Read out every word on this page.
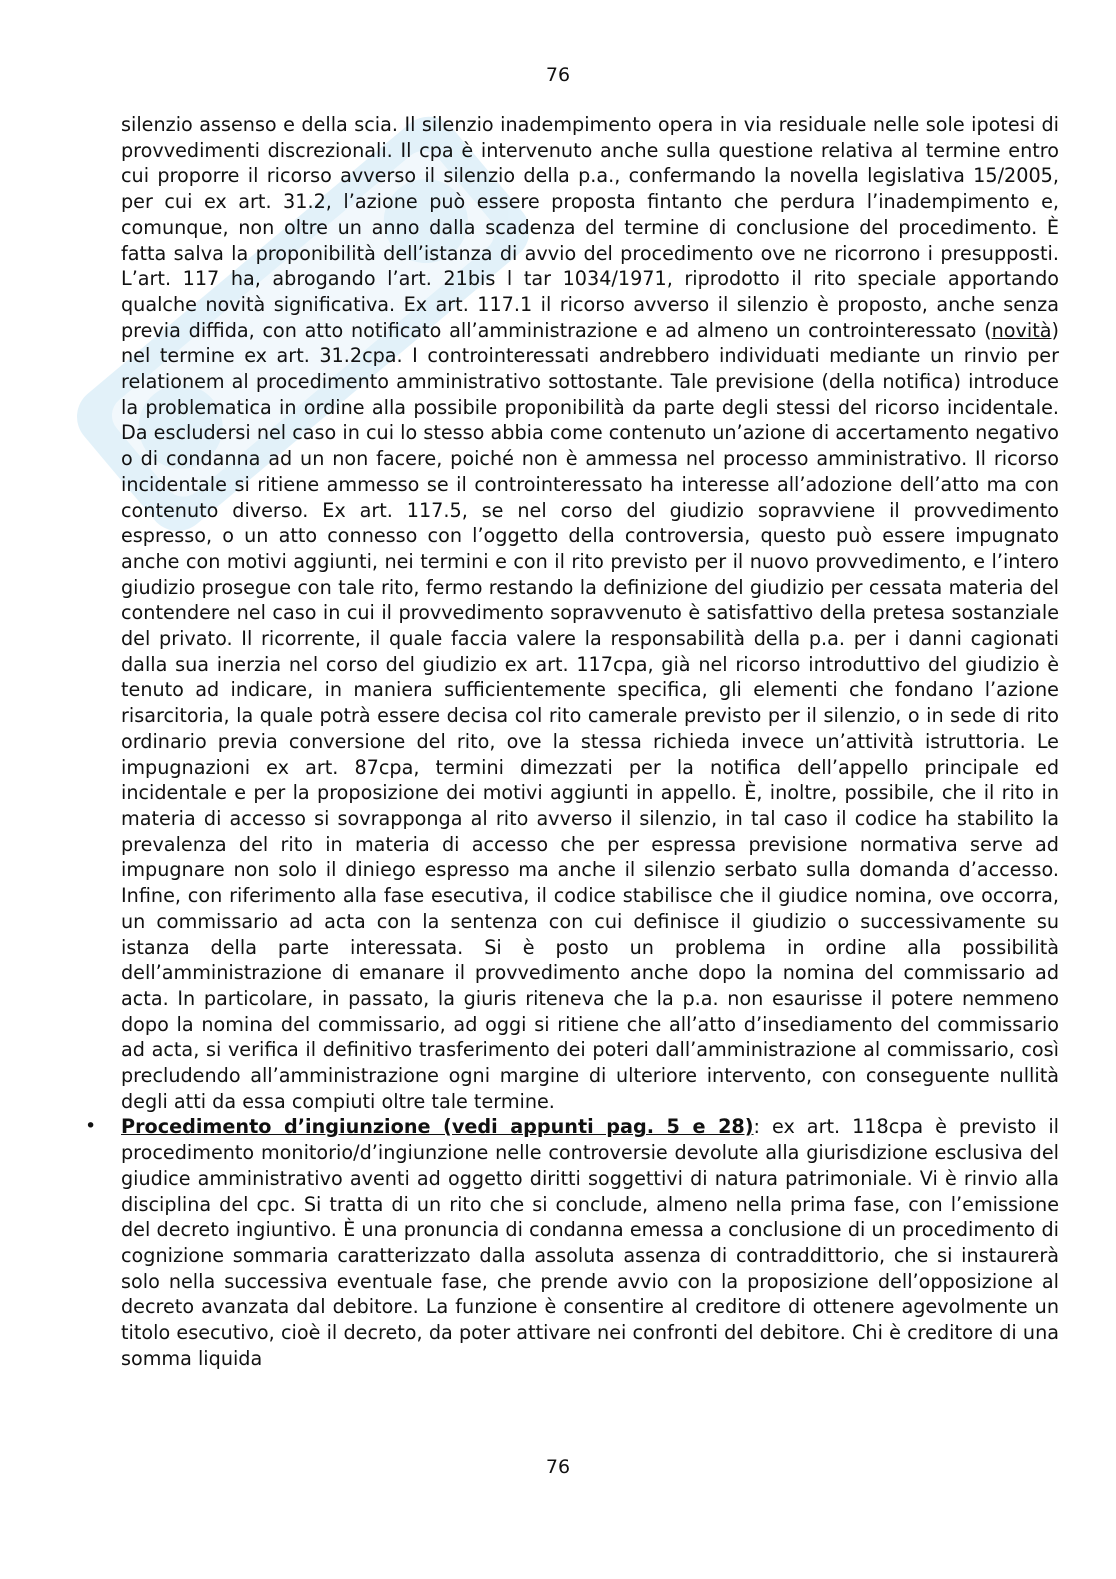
76

silenzio assenso e della scia. Il silenzio inadempimento opera in via residuale nelle sole ipotesi di provvedimenti discrezionali. Il cpa è intervenuto anche sulla questione relativa al termine entro cui proporre il ricorso avverso il silenzio della p.a., confermando la novella legislativa 15/2005, per cui ex art. 31.2, l’azione può essere proposta fintanto che perdura l’inadempimento e, comunque, non oltre un anno dalla scadenza del termine di conclusione del procedimento. È fatta salva la proponibilità dell’istanza di avvio del procedimento ove ne ricorrono i presupposti. L’art. 117 ha, abrogando l’art. 21bis l tar 1034/1971, riprodotto il rito speciale apportando qualche novità significativa. Ex art. 117.1 il ricorso avverso il silenzio è proposto, anche senza previa diffida, con atto notificato all’amministrazione e ad almeno un controinteressato (novità) nel termine ex art. 31.2cpa. I controinteressati andrebbero individuati mediante un rinvio per relationem al procedimento amministrativo sottostante. Tale previsione (della notifica) introduce la problematica in ordine alla possibile proponibilità da parte degli stessi del ricorso incidentale. Da escludersi nel caso in cui lo stesso abbia come contenuto un’azione di accertamento negativo o di condanna ad un non facere, poiché non è ammessa nel processo amministrativo. Il ricorso incidentale si ritiene ammesso se il controinteressato ha interesse all’adozione dell’atto ma con contenuto diverso. Ex art. 117.5, se nel corso del giudizio sopravviene il provvedimento espresso, o un atto connesso con l’oggetto della controversia, questo può essere impugnato anche con motivi aggiunti, nei termini e con il rito previsto per il nuovo provvedimento, e l’intero giudizio prosegue con tale rito, fermo restando la definizione del giudizio per cessata materia del contendere nel caso in cui il provvedimento sopravvenuto è satisfattivo della pretesa sostanziale del privato. Il ricorrente, il quale faccia valere la responsabilità della p.a. per i danni cagionati dalla sua inerzia nel corso del giudizio ex art. 117cpa, già nel ricorso introduttivo del giudizio è tenuto ad indicare, in maniera sufficientemente specifica, gli elementi che fondano l’azione risarcitoria, la quale potrà essere decisa col rito camerale previsto per il silenzio, o in sede di rito ordinario previa conversione del rito, ove la stessa richieda invece un’attività istruttoria. Le impugnazioni ex art. 87cpa, termini dimezzati per la notifica dell’appello principale ed incidentale e per la proposizione dei motivi aggiunti in appello. È, inoltre, possibile, che il rito in materia di accesso si sovrapponga al rito avverso il silenzio, in tal caso il codice ha stabilito la prevalenza del rito in materia di accesso che per espressa previsione normativa serve ad impugnare non solo il diniego espresso ma anche il silenzio serbato sulla domanda d’accesso. Infine, con riferimento alla fase esecutiva, il codice stabilisce che il giudice nomina, ove occorra, un commissario ad acta con la sentenza con cui definisce il giudizio o successivamente su istanza della parte interessata. Si è posto un problema in ordine alla possibilità dell’amministrazione di emanare il provvedimento anche dopo la nomina del commissario ad acta. In particolare, in passato, la giuris riteneva che la p.a. non esaurisse il potere nemmeno dopo la nomina del commissario, ad oggi si ritiene che all’atto d’insediamento del commissario ad acta, si verifica il definitivo trasferimento dei poteri dall’amministrazione al commissario, così precludendo all’amministrazione ogni margine di ulteriore intervento, con conseguente nullità degli atti da essa compiuti oltre tale termine.

• Procedimento d’ingiunzione (vedi appunti pag. 5 e 28): ex art. 118cpa è previsto il procedimento monitorio/d’ingiunzione nelle controversie devolute alla giurisdizione esclusiva del giudice amministrativo aventi ad oggetto diritti soggettivi di natura patrimoniale. Vi è rinvio alla disciplina del cpc. Si tratta di un rito che si conclude, almeno nella prima fase, con l’emissione del decreto ingiuntivo. È una pronuncia di condanna emessa a conclusione di un procedimento di cognizione sommaria caratterizzato dalla assoluta assenza di contraddittorio, che si instaurerà solo nella successiva eventuale fase, che prende avvio con la proposizione dell’opposizione al decreto avanzata dal debitore. La funzione è consentire al creditore di ottenere agevolmente un titolo esecutivo, cioè il decreto, da poter attivare nei confronti del debitore. Chi è creditore di una somma liquida

76
